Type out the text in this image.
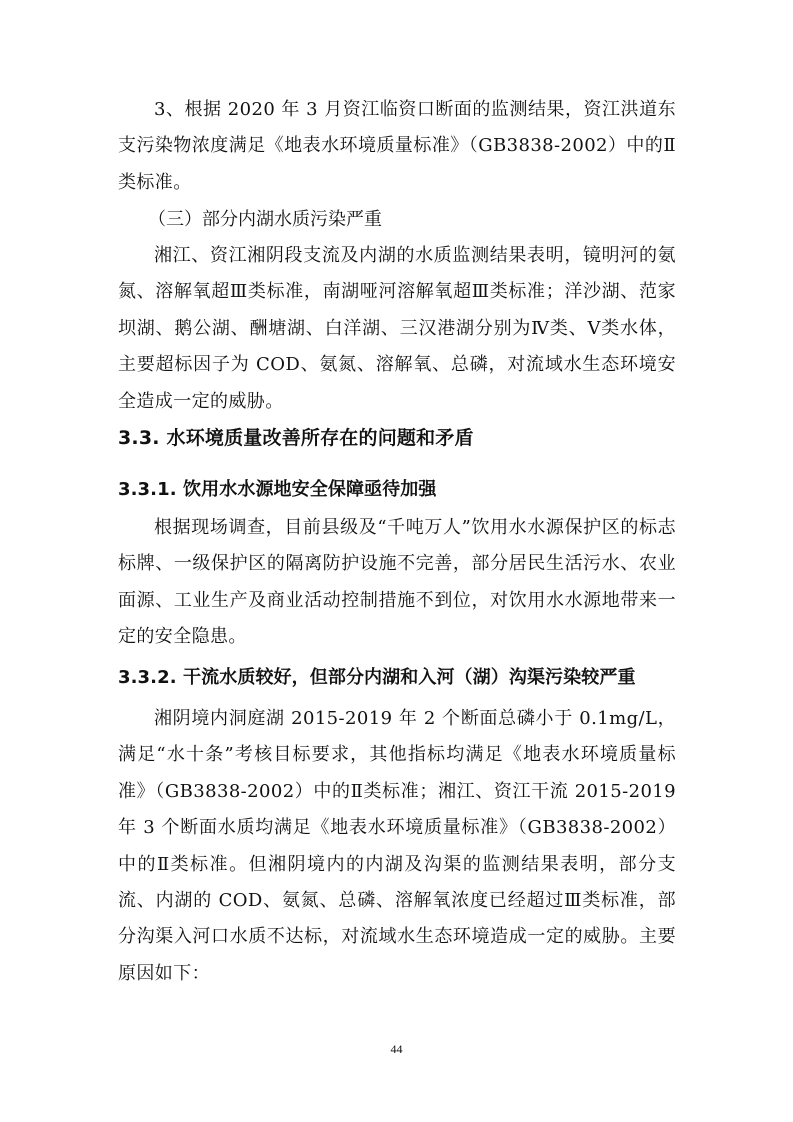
3、根据 2020 年 3 月资江临资口断面的监测结果，资江洪道东支污染物浓度满足《地表水环境质量标准》（GB3838-2002）中的Ⅱ类标准。

（三）部分内湖水质污染严重

湘江、资江湘阴段支流及内湖的水质监测结果表明，镜明河的氨氮、溶解氧超Ⅲ类标准，南湖哑河溶解氧超Ⅲ类标准；洋沙湖、范家坝湖、鹅公湖、酬塘湖、白洋湖、三汉港湖分别为Ⅳ类、Ⅴ类水体，主要超标因子为 COD、氨氮、溶解氧、总磷，对流域水生态环境安全造成一定的威胁。

3.3. 水环境质量改善所存在的问题和矛盾
3.3.1. 饮用水水源地安全保障亟待加强

根据现场调查，目前县级及“千吨万人”饮用水水源保护区的标志标牌、一级保护区的隔离防护设施不完善，部分居民生活污水、农业面源、工业生产及商业活动控制措施不到位，对饮用水水源地带来一定的安全隐患。

3.3.2. 干流水质较好，但部分内湖和入河（湖）沟渠污染较严重

湘阴境内洞庭湖 2015-2019 年 2 个断面总磷小于 0.1mg/L，满足“水十条”考核目标要求，其他指标均满足《地表水环境质量标准》（GB3838-2002）中的Ⅱ类标准；湘江、资江干流 2015-2019 年 3 个断面水质均满足《地表水环境质量标准》（GB3838-2002）中的Ⅱ类标准。但湘阴境内的内湖及沟渠的监测结果表明，部分支流、内湖的 COD、氨氮、总磷、溶解氧浓度已经超过Ⅲ类标准，部分沟渠入河口水质不达标，对流域水生态环境造成一定的威胁。主要原因如下：

44
